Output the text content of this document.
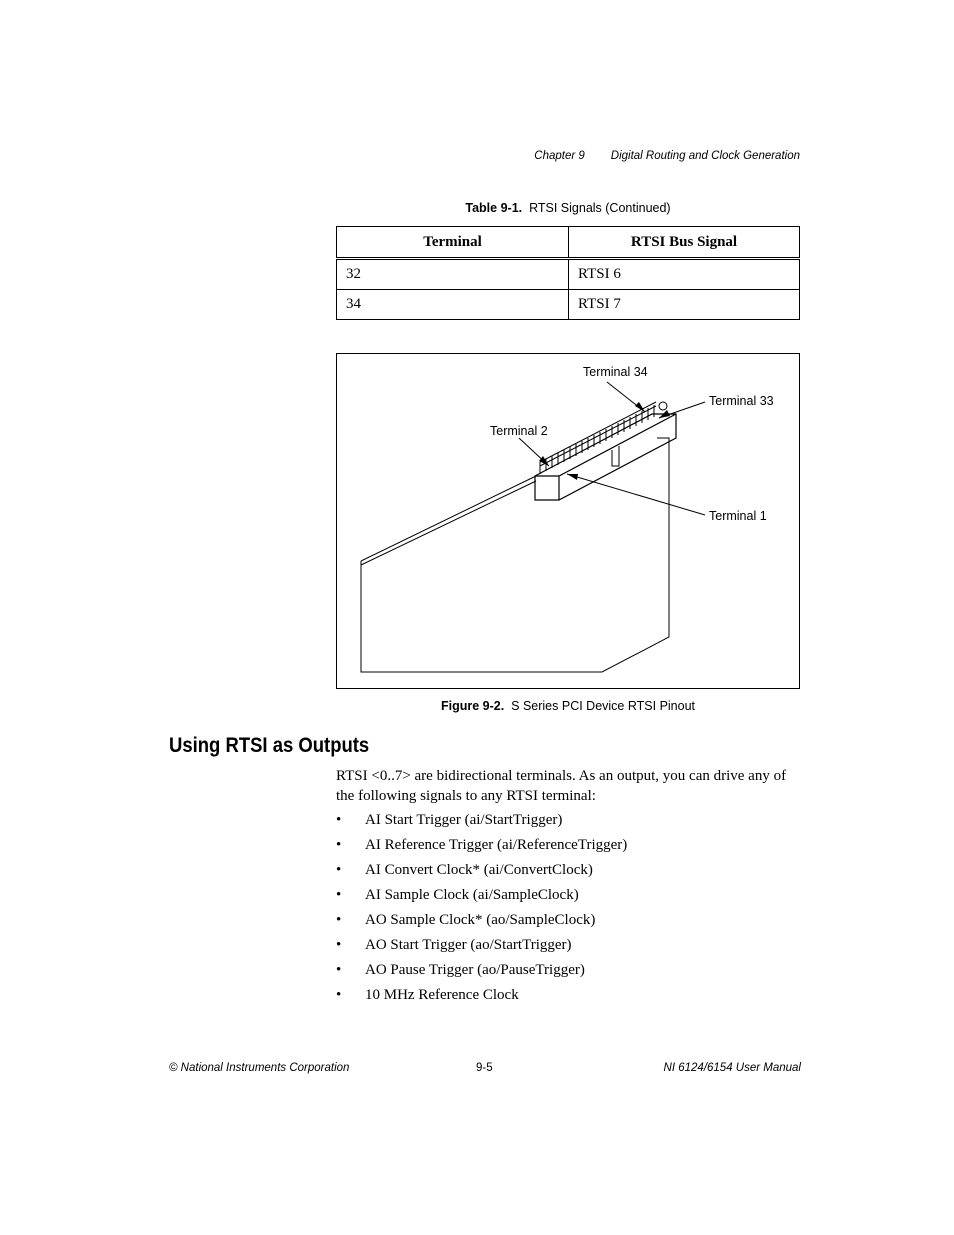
Chapter 9 Digital Routing and Clock Generation
Table 9-1. RTSI Signals (Continued)
Terminal	RTSI Bus Signal
32	RTSI 6
34	RTSI 7
Terminal 34
Terminal 33
Terminal 2
Terminal 1
Figure 9-2. S Series PCI Device RTSI Pinout
Using RTSI as Outputs
RTSI <0..7> are bidirectional terminals. As an output, you can drive any of the following signals to any RTSI terminal:
• AI Start Trigger (ai/StartTrigger)
• AI Reference Trigger (ai/ReferenceTrigger)
• AI Convert Clock* (ai/ConvertClock)
• AI Sample Clock (ai/SampleClock)
• AO Sample Clock* (ao/SampleClock)
• AO Start Trigger (ao/StartTrigger)
• AO Pause Trigger (ao/PauseTrigger)
• 10 MHz Reference Clock
© National Instruments Corporation	9-5	NI 6124/6154 User Manual
